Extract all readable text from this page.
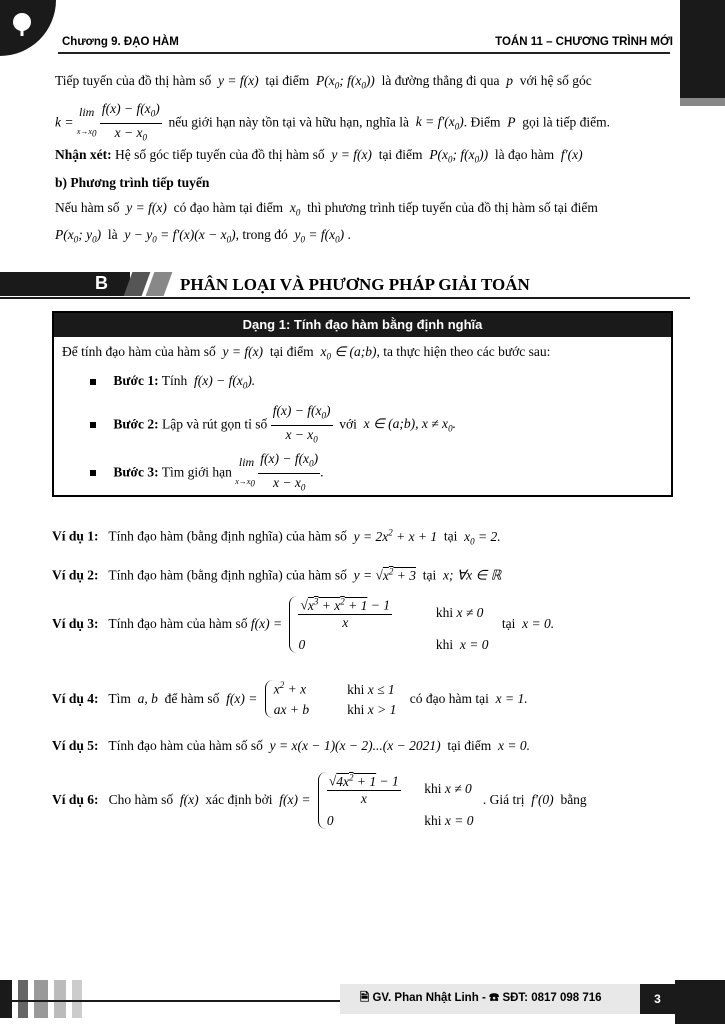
Chương 9. ĐẠO HÀM	TOÁN 11 – CHƯƠNG TRÌNH MỚI
Tiếp tuyến của đồ thị hàm số  y = f(x)  tại điểm  $P(x_0$; $f(x_0)$)  là đường thẳng đi qua  p  với hệ số góc
k = lim
$x\to x_0 \frac{f(x) - f(x_0)}{x - x_0}$ nếu giới hạn này tồn tại và hữu hạn, nghĩa là  $k = f'(x_0)$. Điểm  P  gọi là tiếp điểm.
Nhận xét: Hệ số góc tiếp tuyến của đồ thị hàm số  y = f(x)  tại điểm  $P(x_0$; $f(x_0)$)  là đạo hàm  f′(x)
b) Phương trình tiếp tuyến
Nếu hàm số  y = f(x)  có đạo hàm tại điểm  $x_0$ thì phương trình tiếp tuyến của đồ thị hàm số tại điểm
$P(x_0$; $y_0$)  là  $y - y_0 = f'(x)(x - x_0)$, trong đó  $y_0 = f(x_0)$ .
B	PHÂN LOẠI VÀ PHƯƠNG PHÁP GIẢI TOÁN
Dạng 1: Tính đạo hàm bằng định nghĩa
Để tính đạo hàm của hàm số  y = f(x)  tại điểm  $x_0$ ∈ (a;b), ta thực hiện theo các bước sau:
Bước 1: Tính  $f(x) - f(x_0)$.
Bước 2: Lập và rút gọn tỉ số $\frac{f(x) - f(x_0)}{x - x_0}$ với  x ∈ (a;b), $x \ne x_0$.
Bước 3: Tìm giới hạn  lim
$x\to x_0 \frac{f(x) - f(x_0)}{x - x_0}$ .
Ví dụ 1: Tính đạo hàm (bằng định nghĩa) của hàm số  $y = 2x^2 + x + 1$  tại  $x_0 = 2$.
Ví dụ 2: Tính đạo hàm (bằng định nghĩa) của hàm số  $y = √x^2 + 3$ tại  x; ∀x ∈ ℝ
Ví dụ 3: Tính đạo hàm của hàm số $f(x) = \frac{√x^3 + x^2 + 1 - 1}{x}$	khi x ≠ 0
0	khi  x = 0 tại  x = 0.
Ví dụ 4: Tìm  a, b  để hàm số  $f(x) = x^2 + x$	khi x ≤ 1
ax + b	khi x > 1 có đạo hàm tại  x = 1.
Ví dụ 5: Tính đạo hàm của hàm số số  y = x(x − 1)(x − 2)...(x − 2021)  tại điểm  x = 0.
Ví dụ 6: Cho hàm số  f(x)  xác định bởi  $f(x) = \frac{√4x^2 + 1 - 1}{x}$ khi x ≠ 0
0	khi x = 0 . Giá trị  f′(0)  bằng
🗎 GV. Phan Nhật Linh - ☎ SĐT: 0817 098 716	3
